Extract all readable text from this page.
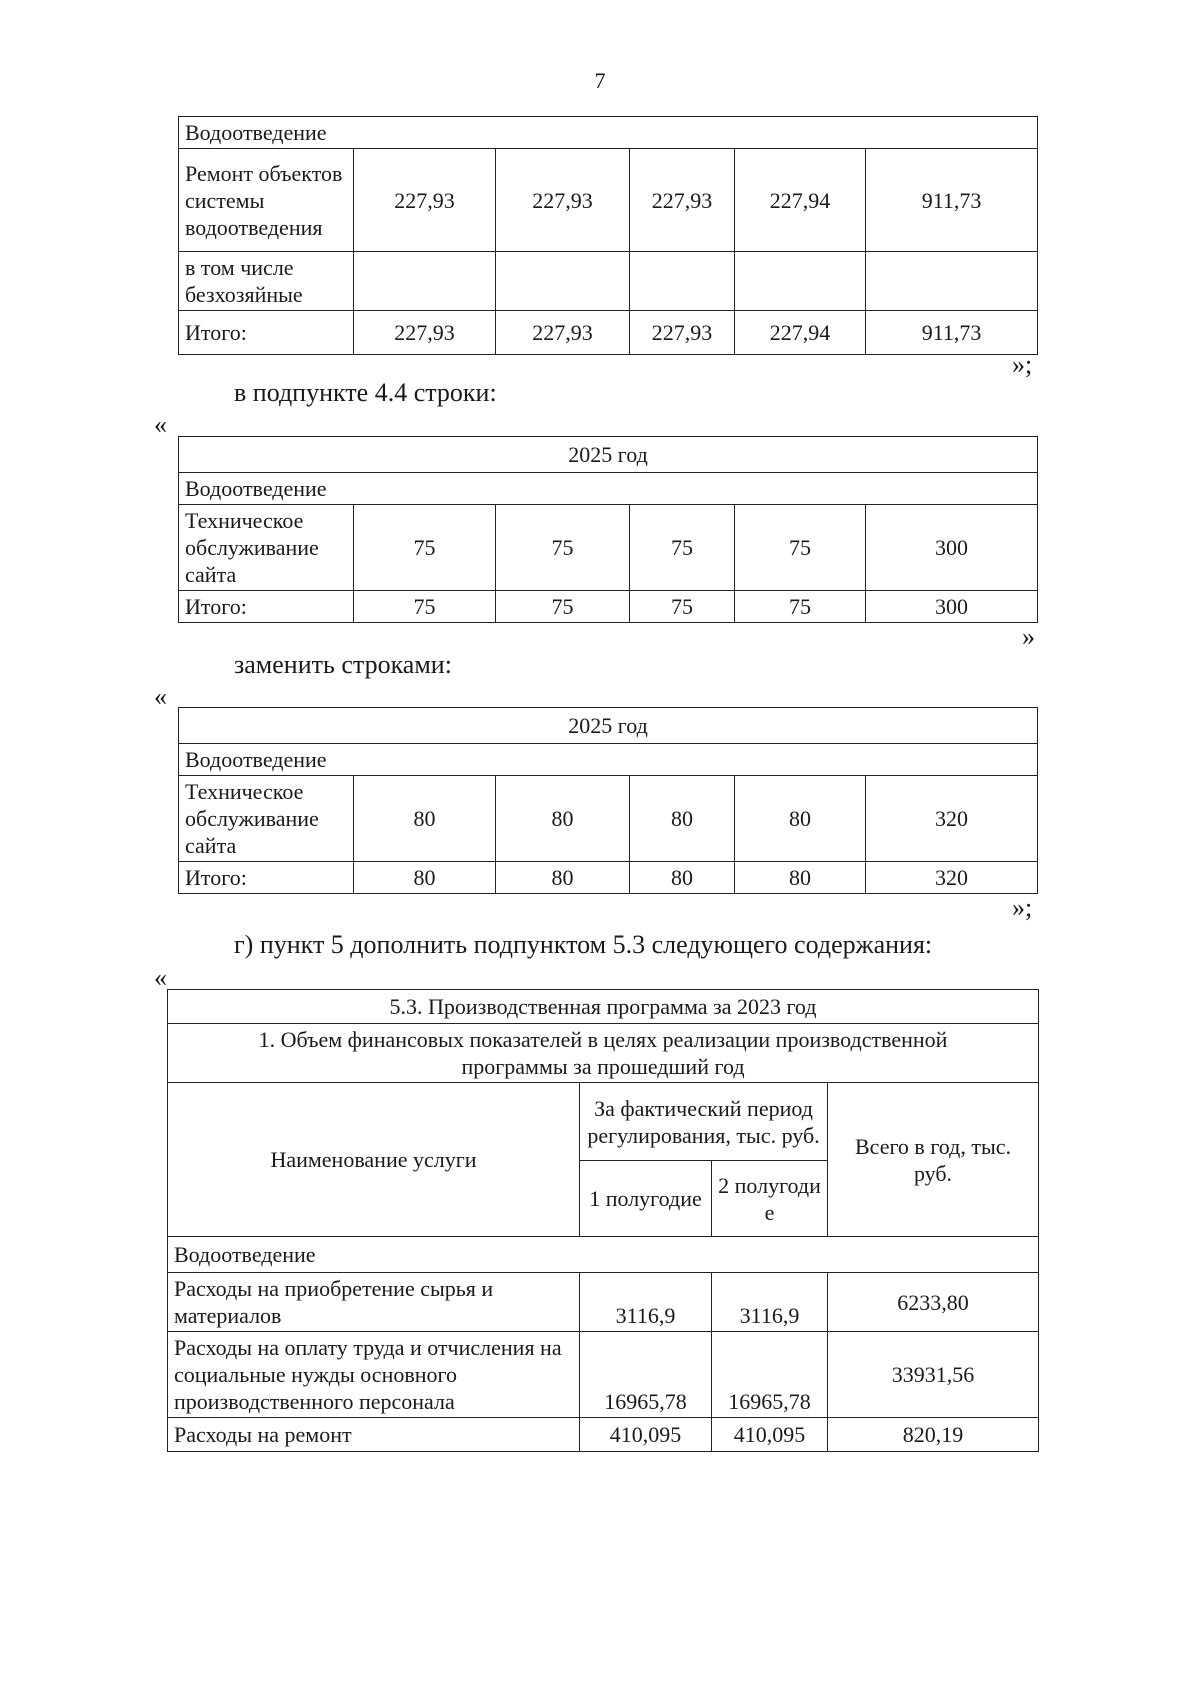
7
Водоотведение					
Ремонт объектов системы водоотведения	227,93	227,93	227,93	227,94	911,73
в том числе безхозяйные					
Итого:	227,93	227,93	227,93	227,94	911,73
»;
в подпункте 4.4 строки:
«
2025 год					
Водоотведение					
Техническое обслуживание сайта	75	75	75	75	300
Итого:	75	75	75	75	300
»
заменить строками:
«
2025 год					
Водоотведение					
Техническое обслуживание сайта	80	80	80	80	320
Итого:	80	80	80	80	320
»;
г) пункт 5 дополнить подпунктом 5.3 следующего содержания:
«
5.3. Производственная программа за 2023 год			

1. Объем финансовых показателей в целях реализации производственной
программы за прошедший год			

Наименование услуги	За фактический период регулирования, тыс. руб.		Всего в год, тыс. руб.
	1 полугодие	2 полугоди е	
Водоотведение			
Расходы на приобретение сырья и материалов	3116,9	3116,9	6233,80
Расходы на оплату труда и отчисления на социальные нужды основного производственного персонала	16965,78	16965,78	33931,56
Расходы на ремонт	410,095	410,095	820,19
